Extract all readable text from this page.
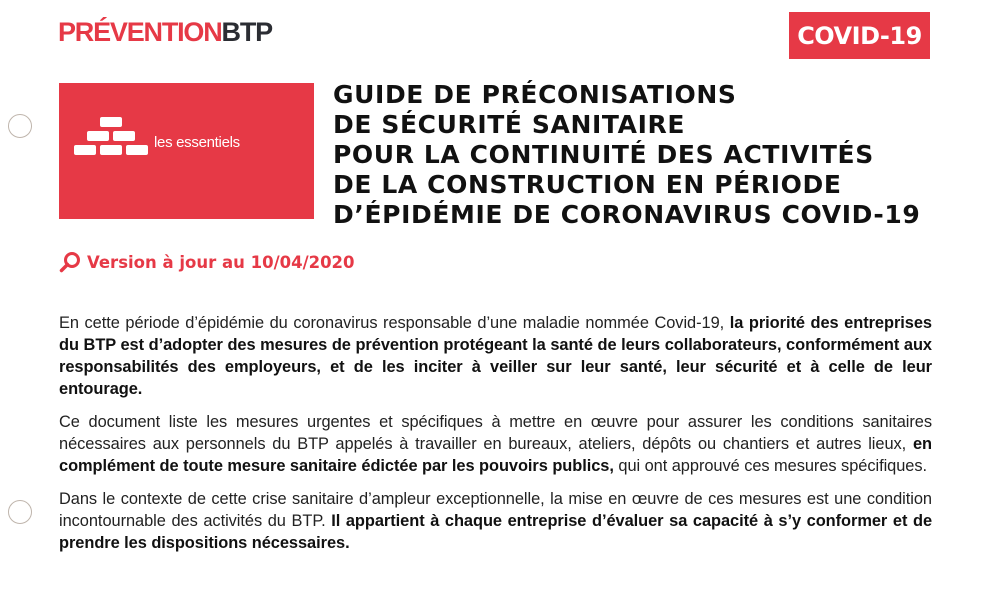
PRÉVENTIONBTP	COVID-19
les essentiels
GUIDE DE PRÉCONISATIONS
DE SÉCURITÉ SANITAIRE
POUR LA CONTINUITÉ DES ACTIVITÉS
DE LA CONSTRUCTION EN PÉRIODE
D’ÉPIDÉMIE DE CORONAVIRUS COVID-19
Version à jour au 10/04/2020

En cette période d’épidémie du coronavirus responsable d’une maladie nommée Covid-19, la priorité des entreprises du BTP est d’adopter des mesures de prévention protégeant la santé de leurs collaborateurs, conformément aux responsabilités des employeurs, et de les inciter à veiller sur leur santé, leur sécurité et à celle de leur entourage.

Ce document liste les mesures urgentes et spécifiques à mettre en œuvre pour assurer les conditions sanitaires nécessaires aux personnels du BTP appelés à travailler en bureaux, ateliers, dépôts ou chantiers et autres lieux, en complément de toute mesure sanitaire édictée par les pouvoirs publics, qui ont approuvé ces mesures spécifiques.

Dans le contexte de cette crise sanitaire d’ampleur exceptionnelle, la mise en œuvre de ces mesures est une condition incontournable des activités du BTP. Il appartient à chaque entreprise d’évaluer sa capacité à s’y conformer et de prendre les dispositions nécessaires.
